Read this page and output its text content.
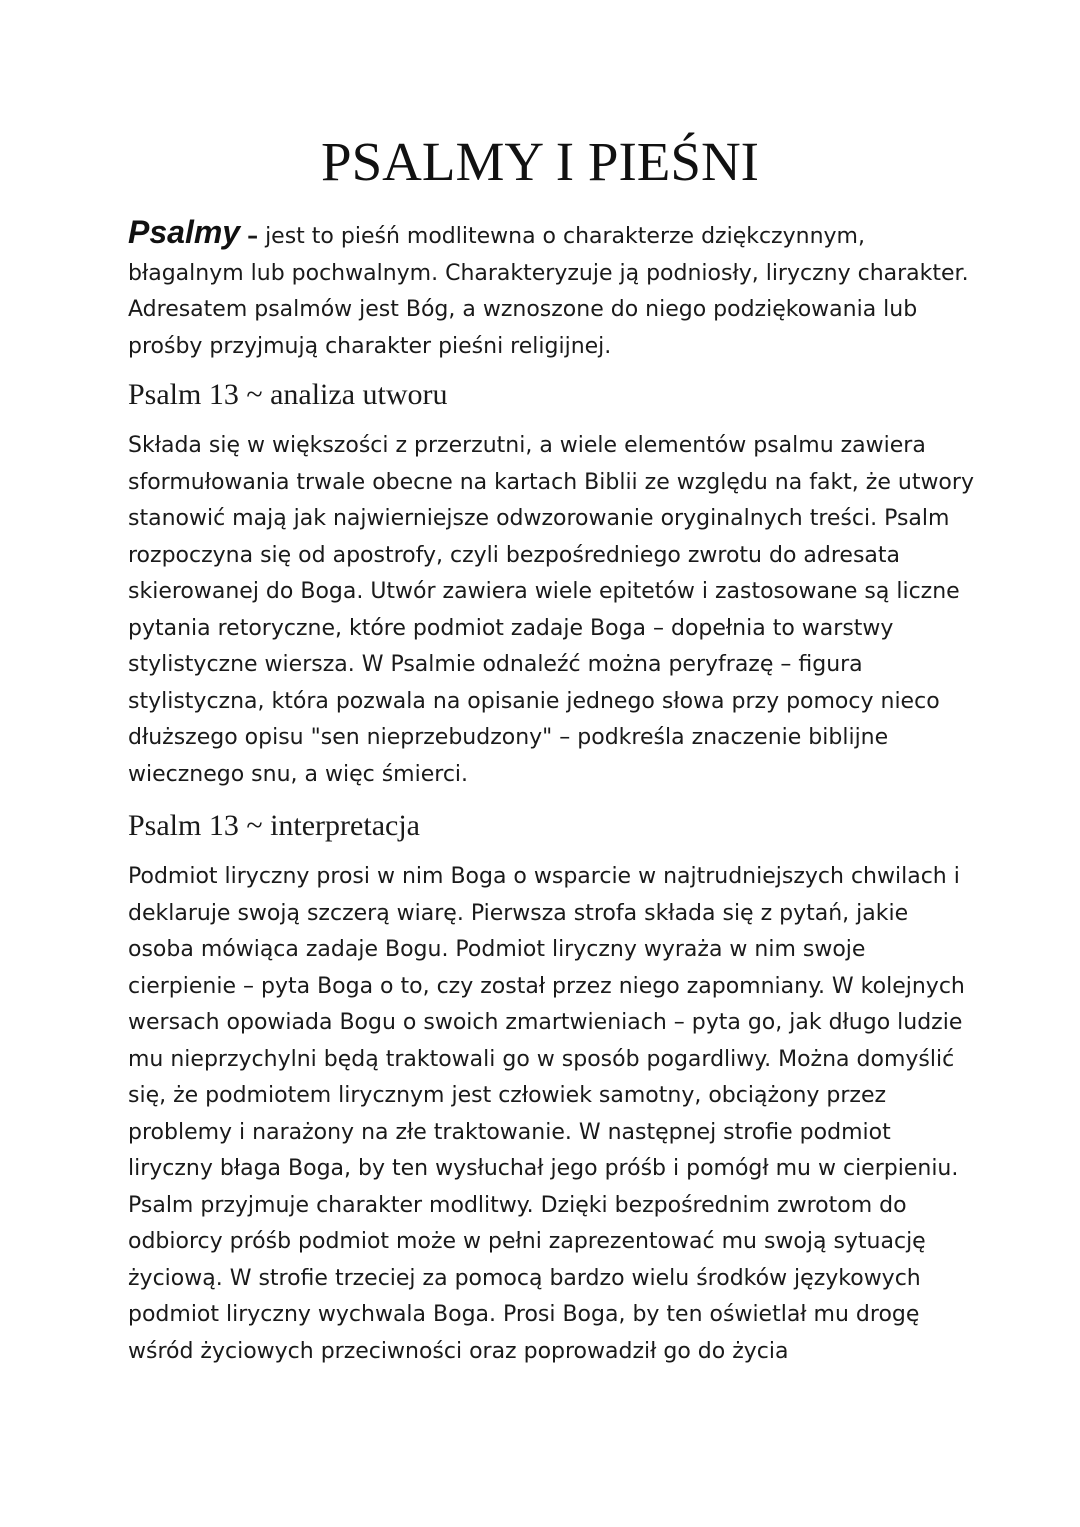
PSALMY I PIEŚNI

Psalmy – jest to pieśń modlitewna o charakterze dziękczynnym, błagalnym lub pochwalnym. Charakteryzuje ją podniosły, liryczny charakter. Adresatem psalmów jest Bóg, a wznoszone do niego podziękowania lub prośby przyjmują charakter pieśni religijnej.

Psalm 13 ~ analiza utworu

Składa się w większości z przerzutni, a wiele elementów psalmu zawiera sformułowania trwale obecne na kartach Biblii ze względu na fakt, że utwory stanowić mają jak najwierniejsze odwzorowanie oryginalnych treści. Psalm rozpoczyna się od apostrofy, czyli bezpośredniego zwrotu do adresata skierowanej do Boga. Utwór zawiera wiele epitetów i zastosowane są liczne pytania retoryczne, które podmiot zadaje Boga – dopełnia to warstwy stylistyczne wiersza. W Psalmie odnaleźć można peryfrazę – figura stylistyczna, która pozwala na opisanie jednego słowa przy pomocy nieco dłuższego opisu "sen nieprzebudzony" – podkreśla znaczenie biblijne wiecznego snu, a więc śmierci.

Psalm 13 ~ interpretacja

Podmiot liryczny prosi w nim Boga o wsparcie w najtrudniejszych chwilach i deklaruje swoją szczerą wiarę. Pierwsza strofa składa się z pytań, jakie osoba mówiąca zadaje Bogu. Podmiot liryczny wyraża w nim swoje cierpienie – pyta Boga o to, czy został przez niego zapomniany. W kolejnych wersach opowiada Bogu o swoich zmartwieniach – pyta go, jak długo ludzie mu nieprzychylni będą traktowali go w sposób pogardliwy. Można domyślić się, że podmiotem lirycznym jest człowiek samotny, obciążony przez problemy i narażony na złe traktowanie. W następnej strofie podmiot liryczny błaga Boga, by ten wysłuchał jego próśb i pomógł mu w cierpieniu. Psalm przyjmuje charakter modlitwy. Dzięki bezpośrednim zwrotom do odbiorcy próśb podmiot może w pełni zaprezentować mu swoją sytuację życiową. W strofie trzeciej za pomocą bardzo wielu środków językowych podmiot liryczny wychwala Boga. Prosi Boga, by ten oświetlał mu drogę wśród życiowych przeciwności oraz poprowadził go do życia
